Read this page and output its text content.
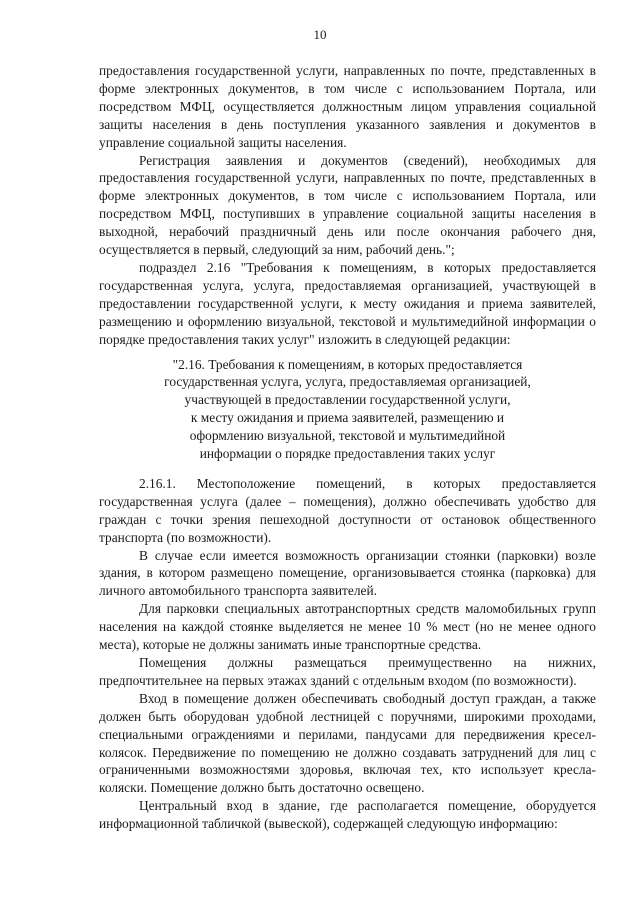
10

предоставления государственной услуги, направленных по почте, представленных в форме электронных документов, в том числе с использованием Портала, или посредством МФЦ, осуществляется должностным лицом управления социальной защиты населения в день поступления указанного заявления и документов в управление социальной защиты населения.

Регистрация заявления и документов (сведений), необходимых для предоставления государственной услуги, направленных по почте, представленных в форме электронных документов, в том числе с использованием Портала, или посредством МФЦ, поступивших в управление социальной защиты населения в выходной, нерабочий праздничный день или после окончания рабочего дня, осуществляется в первый, следующий за ним, рабочий день.";

подраздел 2.16 "Требования к помещениям, в которых предоставляется государственная услуга, услуга, предоставляемая организацией, участвующей в предоставлении государственной услуги, к месту ожидания и приема заявителей, размещению и оформлению визуальной, текстовой и мультимедийной информации о порядке предоставления таких услуг" изложить в следующей редакции:

"2.16. Требования к помещениям, в которых предоставляется
государственная услуга, услуга, предоставляемая организацией,
участвующей в предоставлении государственной услуги,
к месту ожидания и приема заявителей, размещению и
оформлению визуальной, текстовой и мультимедийной
информации о порядке предоставления таких услуг

2.16.1. Местоположение помещений, в которых предоставляется государственная услуга (далее – помещения), должно обеспечивать удобство для граждан с точки зрения пешеходной доступности от остановок общественного транспорта (по возможности).

В случае если имеется возможность организации стоянки (парковки) возле здания, в котором размещено помещение, организовывается стоянка (парковка) для личного автомобильного транспорта заявителей.

Для парковки специальных автотранспортных средств маломобильных групп населения на каждой стоянке выделяется не менее 10 % мест (но не менее одного места), которые не должны занимать иные транспортные средства.

Помещения должны размещаться преимущественно на нижних, предпочтительнее на первых этажах зданий с отдельным входом (по возможности).

Вход в помещение должен обеспечивать свободный доступ граждан, а также должен быть оборудован удобной лестницей с поручнями, широкими проходами, специальными ограждениями и перилами, пандусами для передвижения кресел-колясок. Передвижение по помещению не должно создавать затруднений для лиц с ограниченными возможностями здоровья, включая тех, кто использует кресла-коляски. Помещение должно быть достаточно освещено.

Центральный вход в здание, где располагается помещение, оборудуется информационной табличкой (вывеской), содержащей следующую информацию:
